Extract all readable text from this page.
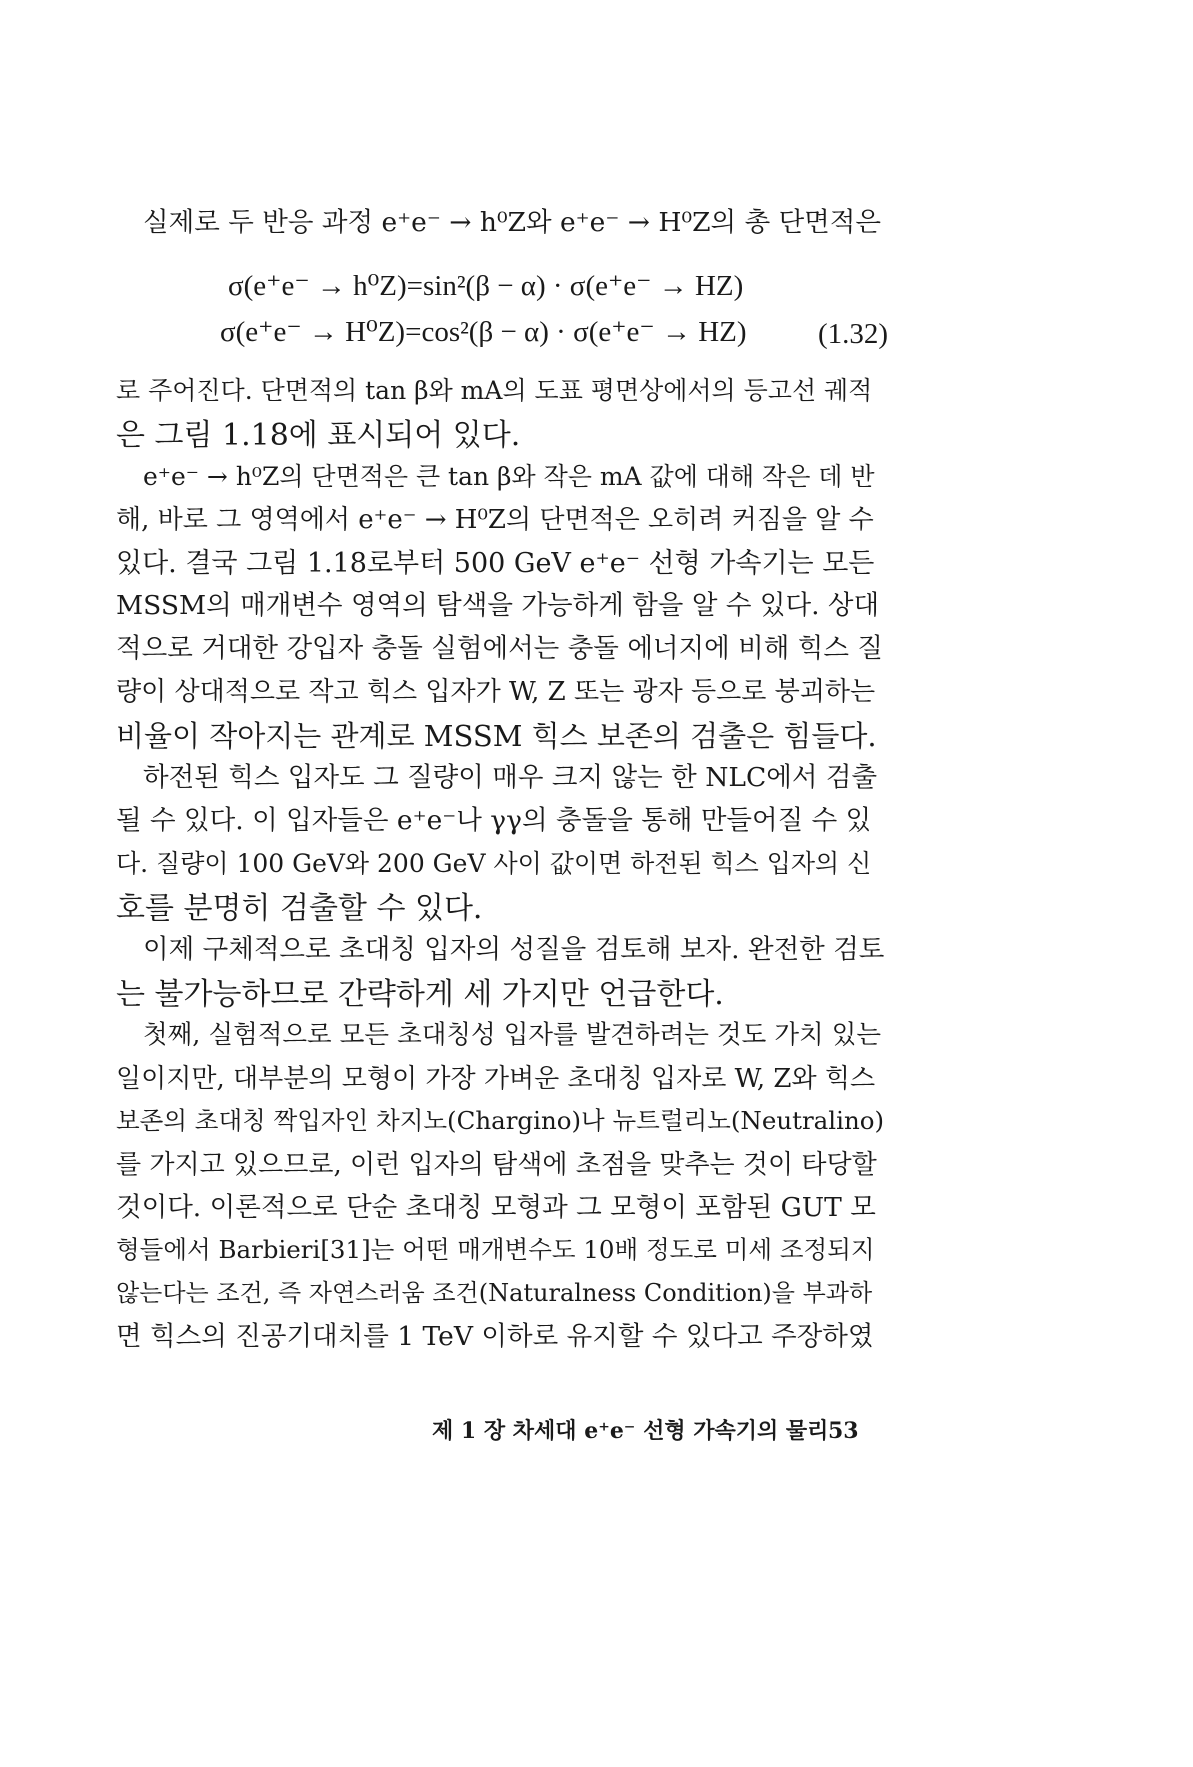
실제로 두 반응 과정 e⁺e⁻ → h⁰Z와 e⁺e⁻ → H⁰Z의 총 단면적은
σ(e⁺e⁻ → h⁰Z)=sin²(β − α) · σ(e⁺e⁻ → HZ)
σ(e⁺e⁻ → H⁰Z)=cos²(β − α) · σ(e⁺e⁻ → HZ) (1.32)
로 주어진다. 단면적의 tan β와 mA의 도표 평면상에서의 등고선 궤적
은 그림 1.18에 표시되어 있다.
e⁺e⁻ → h⁰Z의 단면적은 큰 tan β와 작은 mA 값에 대해 작은 데 반
해, 바로 그 영역에서 e⁺e⁻ → H⁰Z의 단면적은 오히려 커짐을 알 수
있다. 결국 그림 1.18로부터 500 GeV e⁺e⁻ 선형 가속기는 모든
MSSM의 매개변수 영역의 탐색을 가능하게 함을 알 수 있다. 상대
적으로 거대한 강입자 충돌 실험에서는 충돌 에너지에 비해 힉스 질
량이 상대적으로 작고 힉스 입자가 W, Z 또는 광자 등으로 붕괴하는
비율이 작아지는 관계로 MSSM 힉스 보존의 검출은 힘들다.
하전된 힉스 입자도 그 질량이 매우 크지 않는 한 NLC에서 검출
될 수 있다. 이 입자들은 e⁺e⁻나 γγ의 충돌을 통해 만들어질 수 있
다. 질량이 100 GeV와 200 GeV 사이 값이면 하전된 힉스 입자의 신
호를 분명히 검출할 수 있다.
이제 구체적으로 초대칭 입자의 성질을 검토해 보자. 완전한 검토
는 불가능하므로 간략하게 세 가지만 언급한다.
첫째, 실험적으로 모든 초대칭성 입자를 발견하려는 것도 가치 있는
일이지만, 대부분의 모형이 가장 가벼운 초대칭 입자로 W, Z와 힉스
보존의 초대칭 짝입자인 차지노(Chargino)나 뉴트럴리노(Neutralino)
를 가지고 있으므로, 이런 입자의 탐색에 초점을 맞추는 것이 타당할
것이다. 이론적으로 단순 초대칭 모형과 그 모형이 포함된 GUT 모
형들에서 Barbieri[31]는 어떤 매개변수도 10배 정도로 미세 조정되지
않는다는 조건, 즉 자연스러움 조건(Naturalness Condition)을 부과하
면 힉스의 진공기대치를 1 TeV 이하로 유지할 수 있다고 주장하였
제 1 장 차세대 e⁺e⁻ 선형 가속기의 물리 53
